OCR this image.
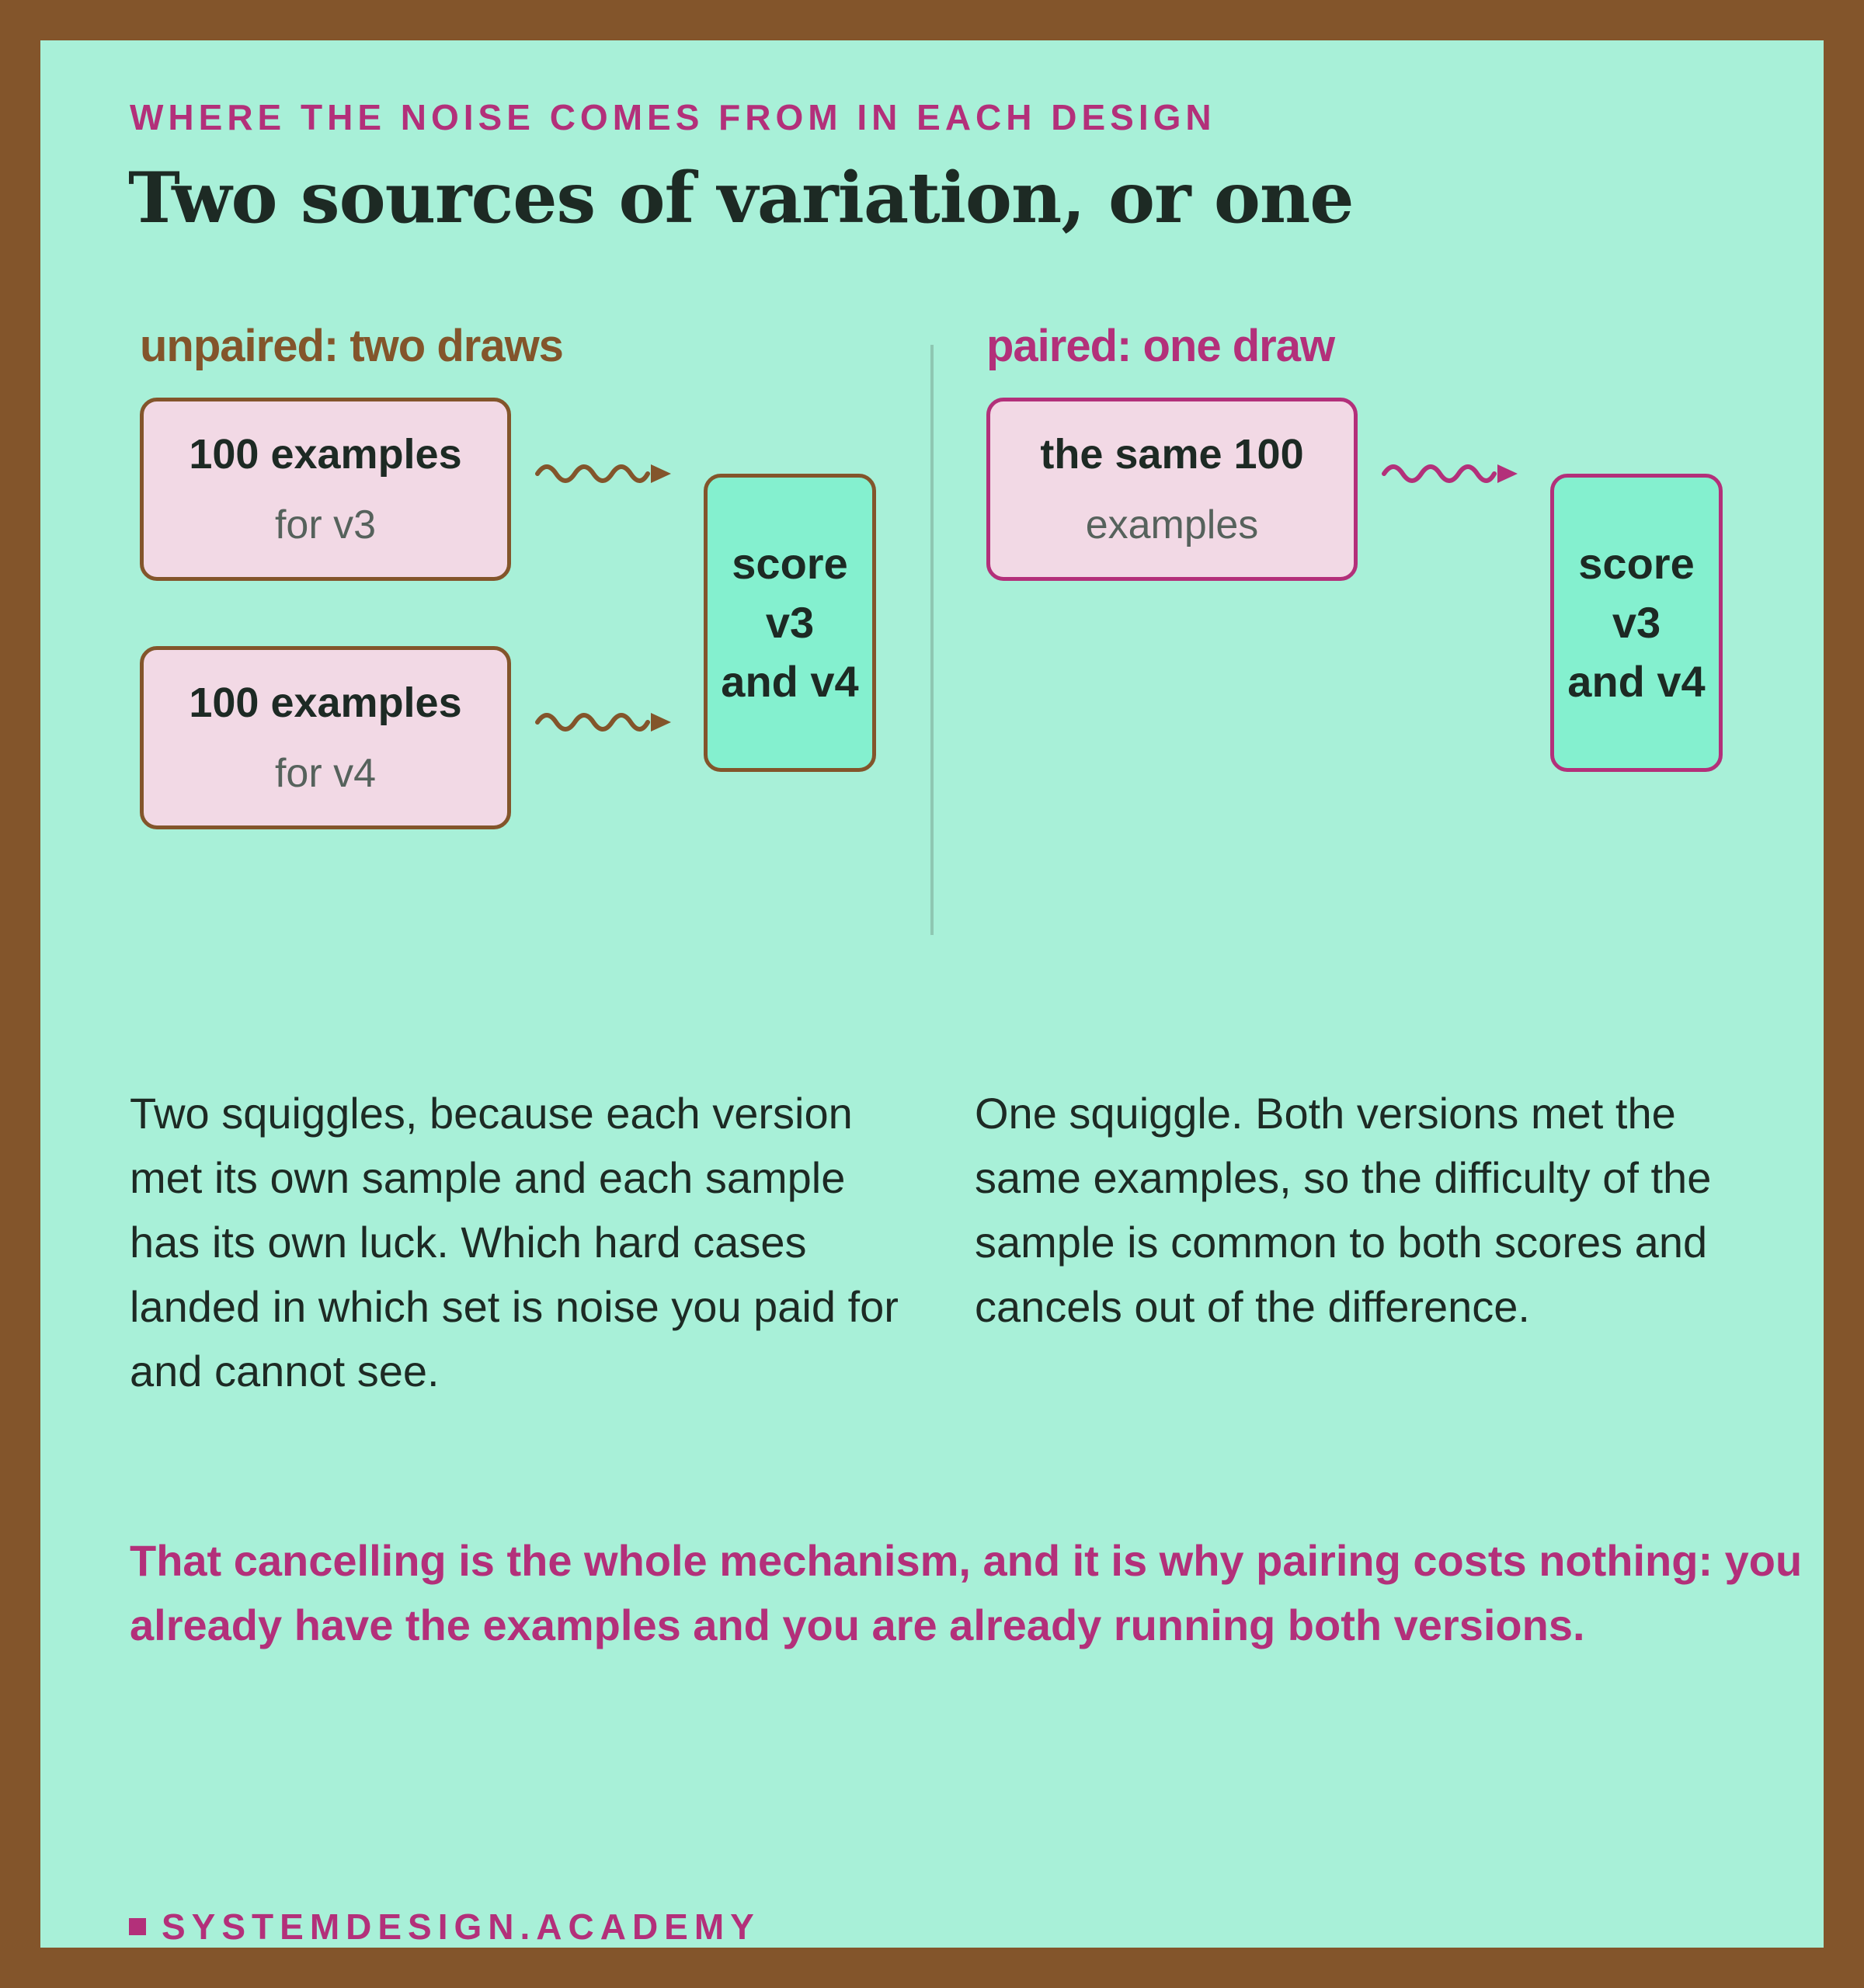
WHERE THE NOISE COMES FROM IN EACH DESIGN
Two sources of variation, or one
unpaired: two draws
100 examples
for v3
100 examples
for v4
score
v3
and v4
paired: one draw
the same 100
examples
score
v3
and v4
Two squiggles, because each version met its own sample and each sample has its own luck. Which hard cases landed in which set is noise you paid for and cannot see.
One squiggle. Both versions met the same examples, so the difficulty of the sample is common to both scores and cancels out of the difference.
That cancelling is the whole mechanism, and it is why pairing costs nothing: you already have the examples and you are already running both versions.
SYSTEMDESIGN.ACADEMY
